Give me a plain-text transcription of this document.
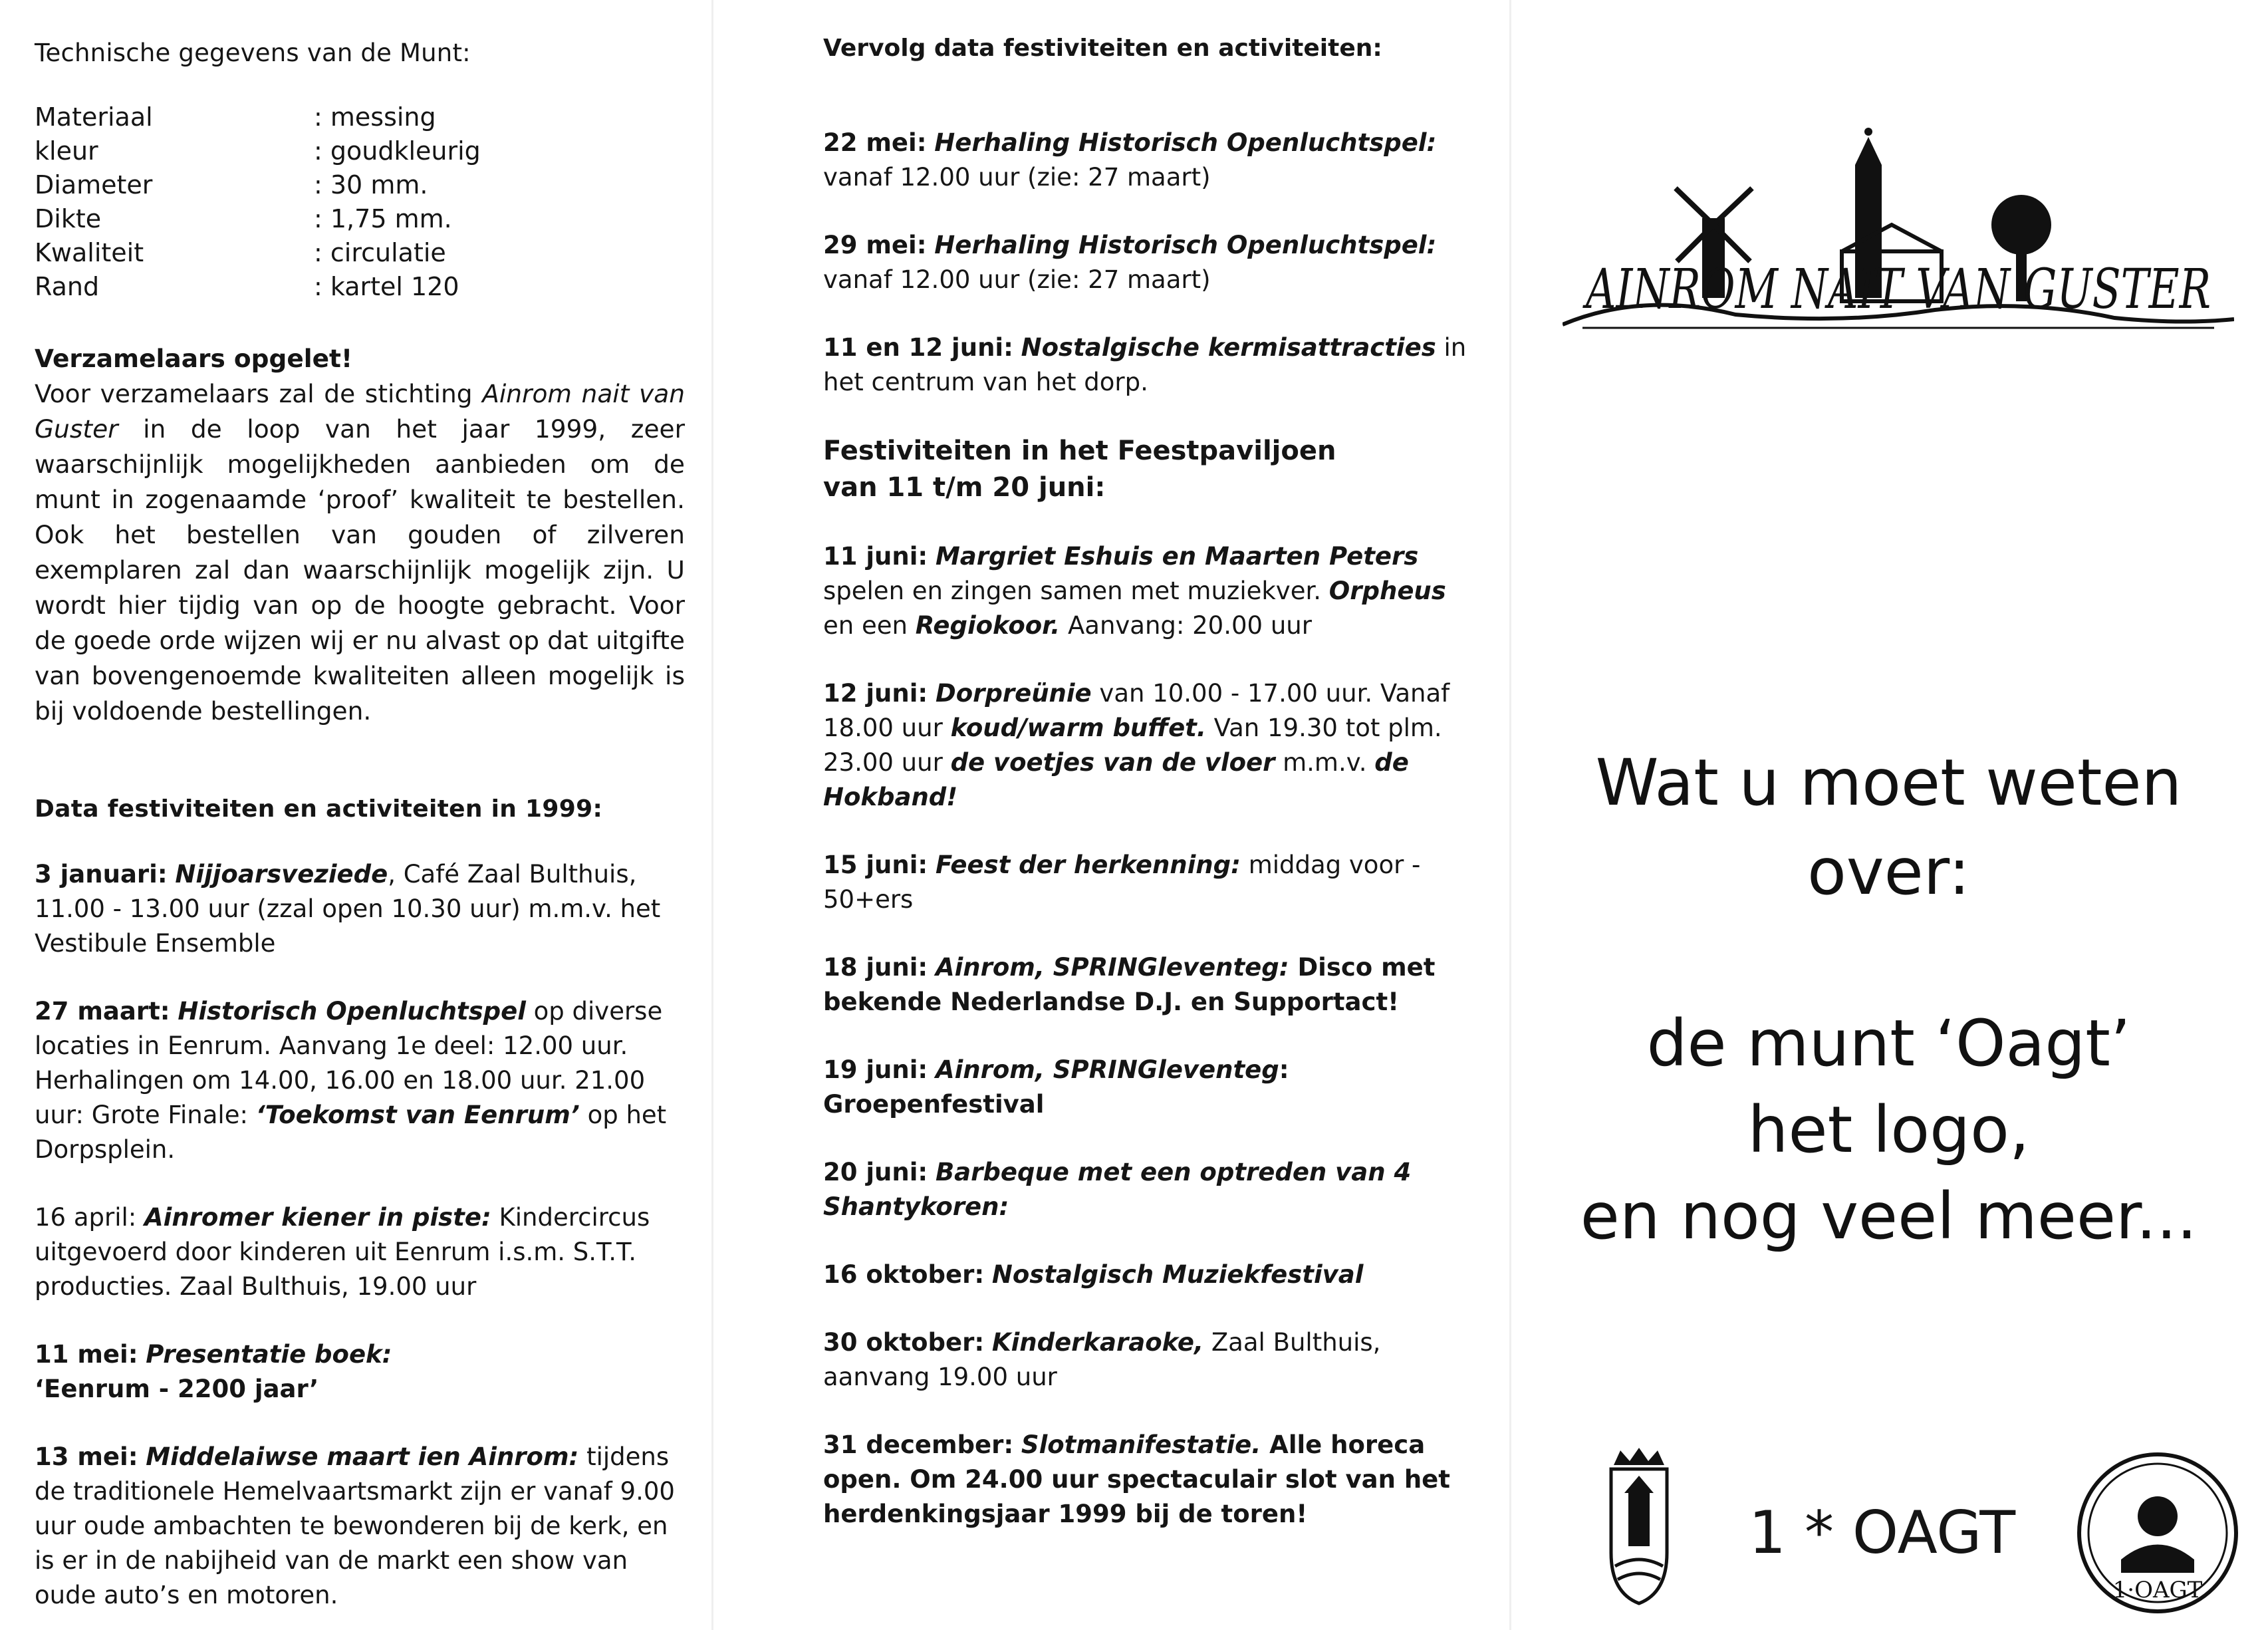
Technische gegevens van de Munt:
Materiaal	: messing
kleur	: goudkleurig
Diameter	: 30 mm.
Dikte	: 1,75 mm.
Kwaliteit	: circulatie
Rand	: kartel 120
Verzamelaars opgelet!

Voor verzamelaars zal de stichting Ainrom nait van Guster in de loop van het jaar 1999, zeer waarschijnlijk mogelijkheden aanbieden om de munt in zogenaamde ‘proof’ kwaliteit te bestellen. Ook het bestellen van gouden of zilveren exemplaren zal dan waarschijnlijk mogelijk zijn. U wordt hier tijdig van op de hoogte gebracht. Voor de goede orde wijzen wij er nu alvast op dat uitgifte van bovengenoemde kwaliteiten alleen mogelijk is bij voldoende bestellingen.

Data festiviteiten en activiteiten in 1999:
3 januari: Nijjoarsveziede, Café Zaal Bulthuis, 11.00 - 13.00 uur (zzal open 10.30 uur) m.m.v. het Vestibule Ensemble
27 maart: Historisch Openluchtspel op diverse locaties in Eenrum. Aanvang 1e deel: 12.00 uur. Herhalingen om 14.00, 16.00 en 18.00 uur. 21.00 uur: Grote Finale: ‘Toekomst van Eenrum’ op het Dorpsplein.
16 april: Ainromer kiener in piste: Kindercircus uitgevoerd door kinderen uit Eenrum i.s.m. S.T.T. producties. Zaal Bulthuis, 19.00 uur
11 mei: Presentatie boek:
‘Eenrum - 2200 jaar’
13 mei: Middelaiwse maart ien Ainrom: tijdens de traditionele Hemelvaartsmarkt zijn er vanaf 9.00 uur oude ambachten te bewonderen bij de kerk, en is er in de nabijheid van de markt een show van oude auto’s en motoren.
Vervolg data festiviteiten en activiteiten:
22 mei: Herhaling Historisch Openluchtspel:
vanaf 12.00 uur (zie: 27 maart)
29 mei: Herhaling Historisch Openluchtspel:
vanaf 12.00 uur (zie: 27 maart)
11 en 12 juni: Nostalgische kermisattracties in het centrum van het dorp.
Festiviteiten in het Feestpaviljoen
van 11 t/m 20 juni:
11 juni: Margriet Eshuis en Maarten Peters spelen en zingen samen met muziekver. Orpheus en een Regiokoor. Aanvang: 20.00 uur
12 juni: Dorpreünie van 10.00 - 17.00 uur. Vanaf 18.00 uur koud/warm buffet. Van 19.30 tot plm. 23.00 uur de voetjes van de vloer m.m.v. de Hokband!
15 juni: Feest der herkenning: middag voor - 50+ers
18 juni: Ainrom, SPRINGleventeg: Disco met bekende Nederlandse D.J. en Supportact!
19 juni: Ainrom, SPRINGleventeg: Groepenfestival
20 juni: Barbeque met een optreden van 4 Shantykoren:
16 oktober: Nostalgisch Muziekfestival
30 oktober: Kinderkaraoke, Zaal Bulthuis, aanvang 19.00 uur
31 december: Slotmanifestatie. Alle horeca open. Om 24.00 uur spectaculair slot van het herdenkingsjaar 1999 bij de toren!
AINROM NAIT VAN GUSTER
Wat u moet weten
over:
de munt ‘Oagt’
het logo,
en nog veel meer...
1 * OAGT
1·OAGT
